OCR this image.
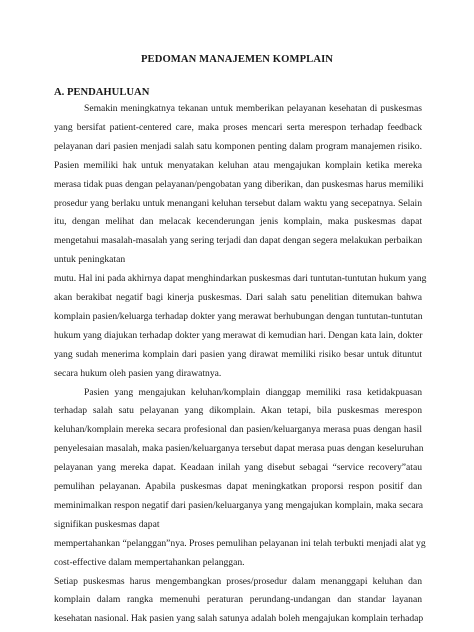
PEDOMAN MANAJEMEN KOMPLAIN
A. PENDAHULUAN
Semakin meningkatnya tekanan untuk memberikan pelayanan kesehatan di puskesmas
yang bersifat patient-centered care, maka proses mencari serta merespon terhadap feedback
pelayanan dari pasien menjadi salah satu komponen penting dalam program manajemen risiko.
Pasien memiliki hak untuk menyatakan keluhan atau mengajukan komplain ketika mereka
merasa tidak puas dengan pelayanan/pengobatan yang diberikan, dan puskesmas harus memiliki
prosedur yang berlaku untuk menangani keluhan tersebut dalam waktu yang secepatnya. Selain
itu, dengan melihat dan melacak kecenderungan jenis komplain, maka puskesmas dapat
mengetahui masalah-masalah yang sering terjadi dan dapat dengan segera melakukan perbaikan
untuk peningkatan
mutu. Hal ini pada akhirnya dapat menghindarkan puskesmas dari tuntutan-tuntutan hukum yang
akan berakibat negatif bagi kinerja puskesmas. Dari salah satu penelitian ditemukan bahwa
komplain pasien/keluarga terhadap dokter yang merawat berhubungan dengan tuntutan-tuntutan
hukum yang diajukan terhadap dokter yang merawat di kemudian hari. Dengan kata lain, dokter
yang sudah menerima komplain dari pasien yang dirawat memiliki risiko besar untuk dituntut
secara hukum oleh pasien yang dirawatnya.
Pasien yang mengajukan keluhan/komplain dianggap memiliki rasa ketidakpuasan
terhadap salah satu pelayanan yang dikomplain. Akan tetapi, bila puskesmas merespon
keluhan/komplain mereka secara profesional dan pasien/keluarganya merasa puas dengan hasil
penyelesaian masalah, maka pasien/keluarganya tersebut dapat merasa puas dengan keseluruhan
pelayanan yang mereka dapat. Keadaan inilah yang disebut sebagai “service recovery”atau
pemulihan pelayanan. Apabila puskesmas dapat meningkatkan proporsi respon positif dan
meminimalkan respon negatif dari pasien/keluarganya yang mengajukan komplain, maka secara
signifikan puskesmas dapat
mempertahankan “pelanggan”nya. Proses pemulihan pelayanan ini telah terbukti menjadi alat yg
cost-effective dalam mempertahankan pelanggan.
Setiap puskesmas harus mengembangkan proses/prosedur dalam menanggapi keluhan dan
komplain dalam rangka memenuhi peraturan perundang-undangan dan standar layanan
kesehatan nasional. Hak pasien yang salah satunya adalah boleh mengajukan komplain terhadap
